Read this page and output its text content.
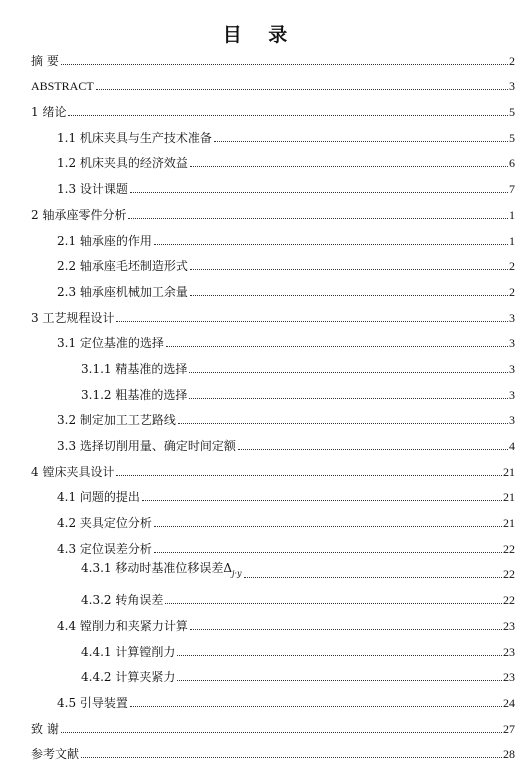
目 录
摘 要	2
ABSTRACT	3
1 绪论	5
1.1 机床夹具与生产技术准备	5
1.2 机床夹具的经济效益	6
1.3 设计课题	7
2 轴承座零件分析	1
2.1 轴承座的作用	1
2.2 轴承座毛坯制造形式	2
2.3 轴承座机械加工余量	2
3 工艺规程设计	3
3.1 定位基准的选择	3
3.1.1 精基准的选择	3
3.1.2 粗基准的选择	3
3.2 制定加工工艺路线	3
3.3 选择切削用量、确定时间定额	4
4 镗床夹具设计	21
4.1 问题的提出	21
4.2 夹具定位分析	21
4.3 定位误差分析	22
4.3.1 移动时基准位移误差$\Delta_{j\cdot y}$	22
4.3.2 转角误差	22
4.4 镗削力和夹紧力计算	23
4.4.1 计算镗削力	23
4.4.2 计算夹紧力	23
4.5 引导装置	24
致 谢	27
参考文献	28
